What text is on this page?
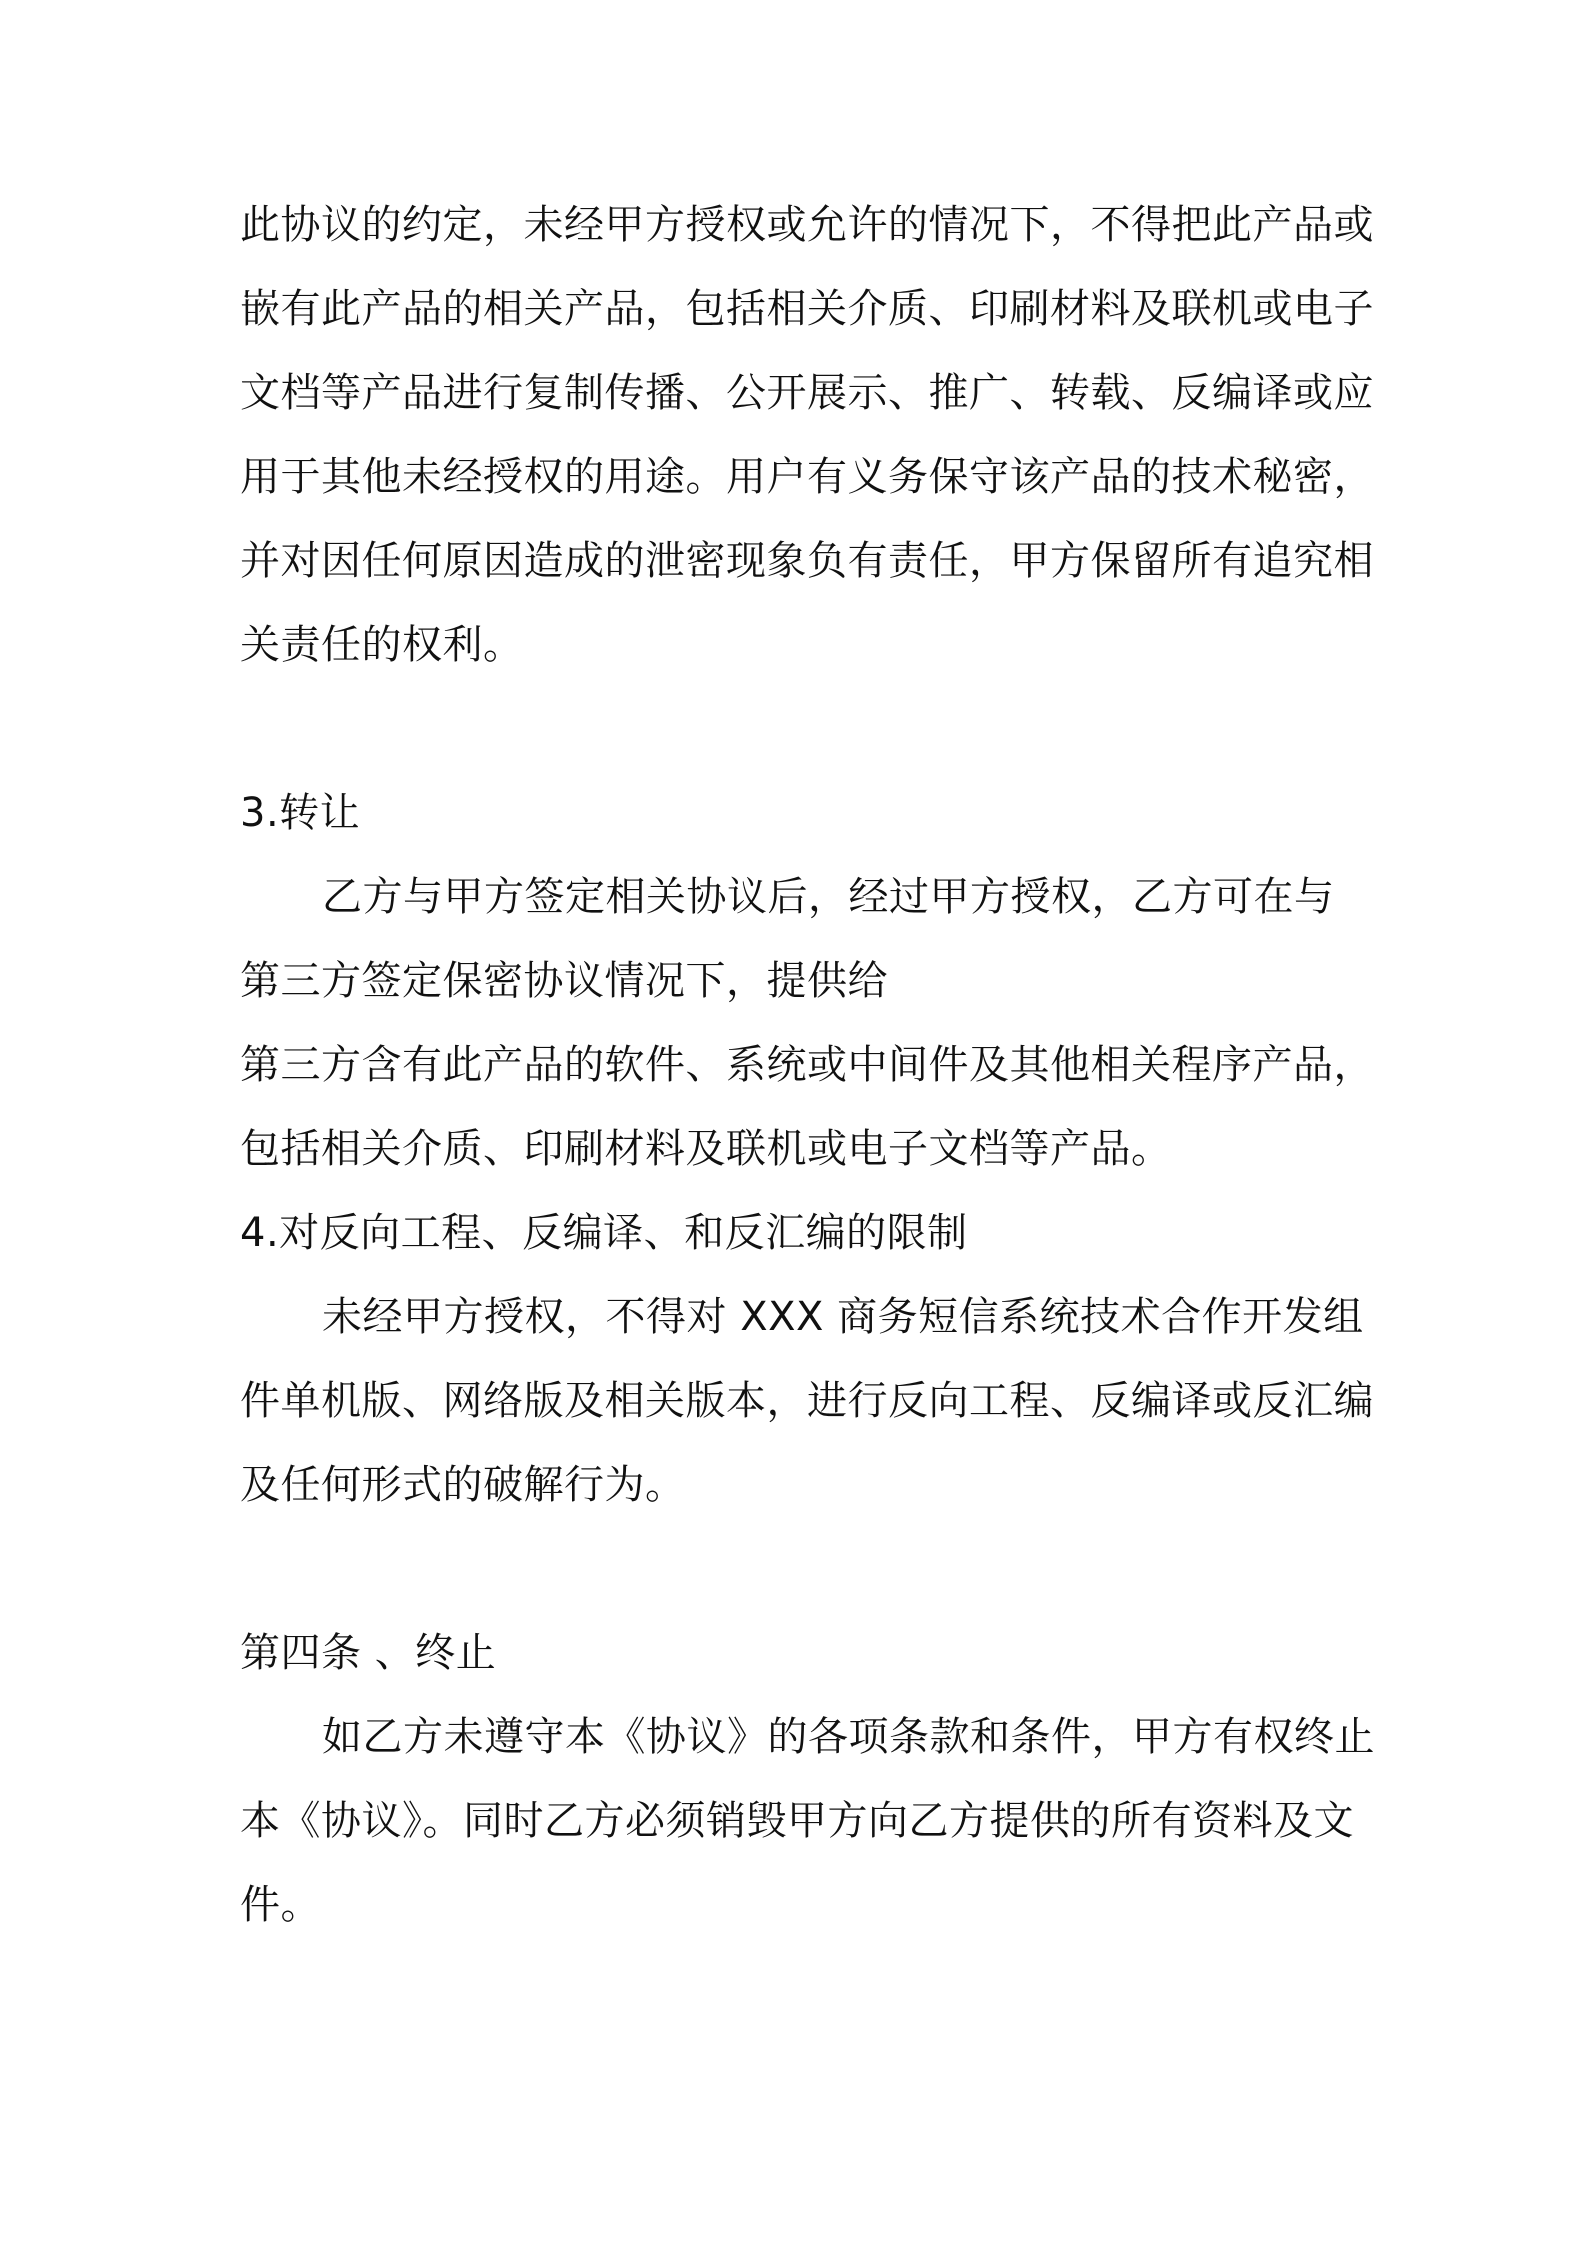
此协议的约定，未经甲方授权或允许的情况下，不得把此产品或

嵌有此产品的相关产品，包括相关介质、印刷材料及联机或电子

文档等产品进行复制传播、公开展示、推广、转载、反编译或应

用于其他未经授权的用途。用户有义务保守该产品的技术秘密，

并对因任何原因造成的泄密现象负有责任，甲方保留所有追究相

关责任的权利。

3.转让

乙方与甲方签定相关协议后，经过甲方授权，乙方可在与

第三方签定保密协议情况下，提供给

第三方含有此产品的软件、系统或中间件及其他相关程序产品，

包括相关介质、印刷材料及联机或电子文档等产品。

4.对反向工程、反编译、和反汇编的限制

未经甲方授权，不得对 XXX 商务短信系统技术合作开发组

件单机版、网络版及相关版本，进行反向工程、反编译或反汇编

及任何形式的破解行为。

第四条 、终止

如乙方未遵守本《协议》的各项条款和条件，甲方有权终止

本《协议》。同时乙方必须销毁甲方向乙方提供的所有资料及文

件。
